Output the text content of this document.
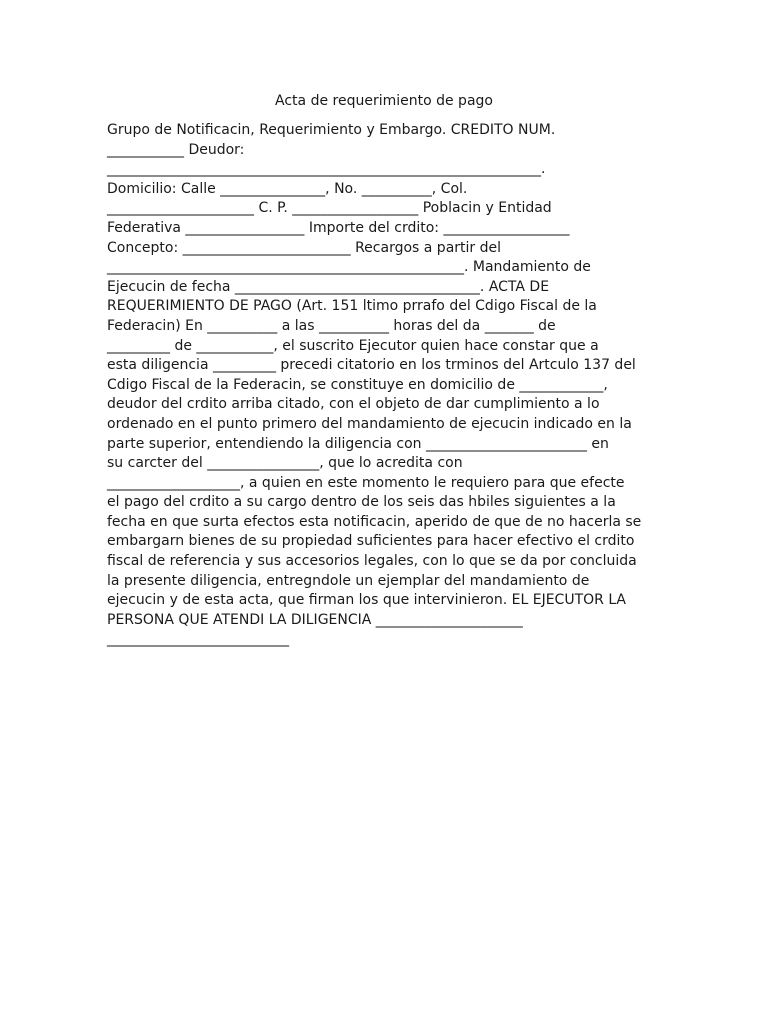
Acta de requerimiento de pago
Grupo de Notificacin, Requerimiento y Embargo. CREDITO NUM.
___________ Deudor:
______________________________________________________________.
Domicilio: Calle _______________, No. __________, Col.
_____________________ C. P. __________________ Poblacin y Entidad
Federativa _________________ Importe del crdito: __________________
Concepto: ________________________ Recargos a partir del
___________________________________________________. Mandamiento de
Ejecucin de fecha ___________________________________. ACTA DE
REQUERIMIENTO DE PAGO (Art. 151 ltimo prrafo del Cdigo Fiscal de la
Federacin) En __________ a las __________ horas del da _______ de
_________ de ___________, el suscrito Ejecutor quien hace constar que a
esta diligencia _________ precedi citatorio en los trminos del Artculo 137 del
Cdigo Fiscal de la Federacin, se constituye en domicilio de ____________,
deudor del crdito arriba citado, con el objeto de dar cumplimiento a lo
ordenado en el punto primero del mandamiento de ejecucin indicado en la
parte superior, entendiendo la diligencia con _______________________ en
su carcter del ________________, que lo acredita con
___________________, a quien en este momento le requiero para que efecte
el pago del crdito a su cargo dentro de los seis das hbiles siguientes a la
fecha en que surta efectos esta notificacin, aperido de que de no hacerla se
embargarn bienes de su propiedad suficientes para hacer efectivo el crdito
fiscal de referencia y sus accesorios legales, con lo que se da por concluida
la presente diligencia, entregndole un ejemplar del mandamiento de
ejecucin y de esta acta, que firman los que intervinieron. EL EJECUTOR LA
PERSONA QUE ATENDI LA DILIGENCIA _____________________
__________________________
